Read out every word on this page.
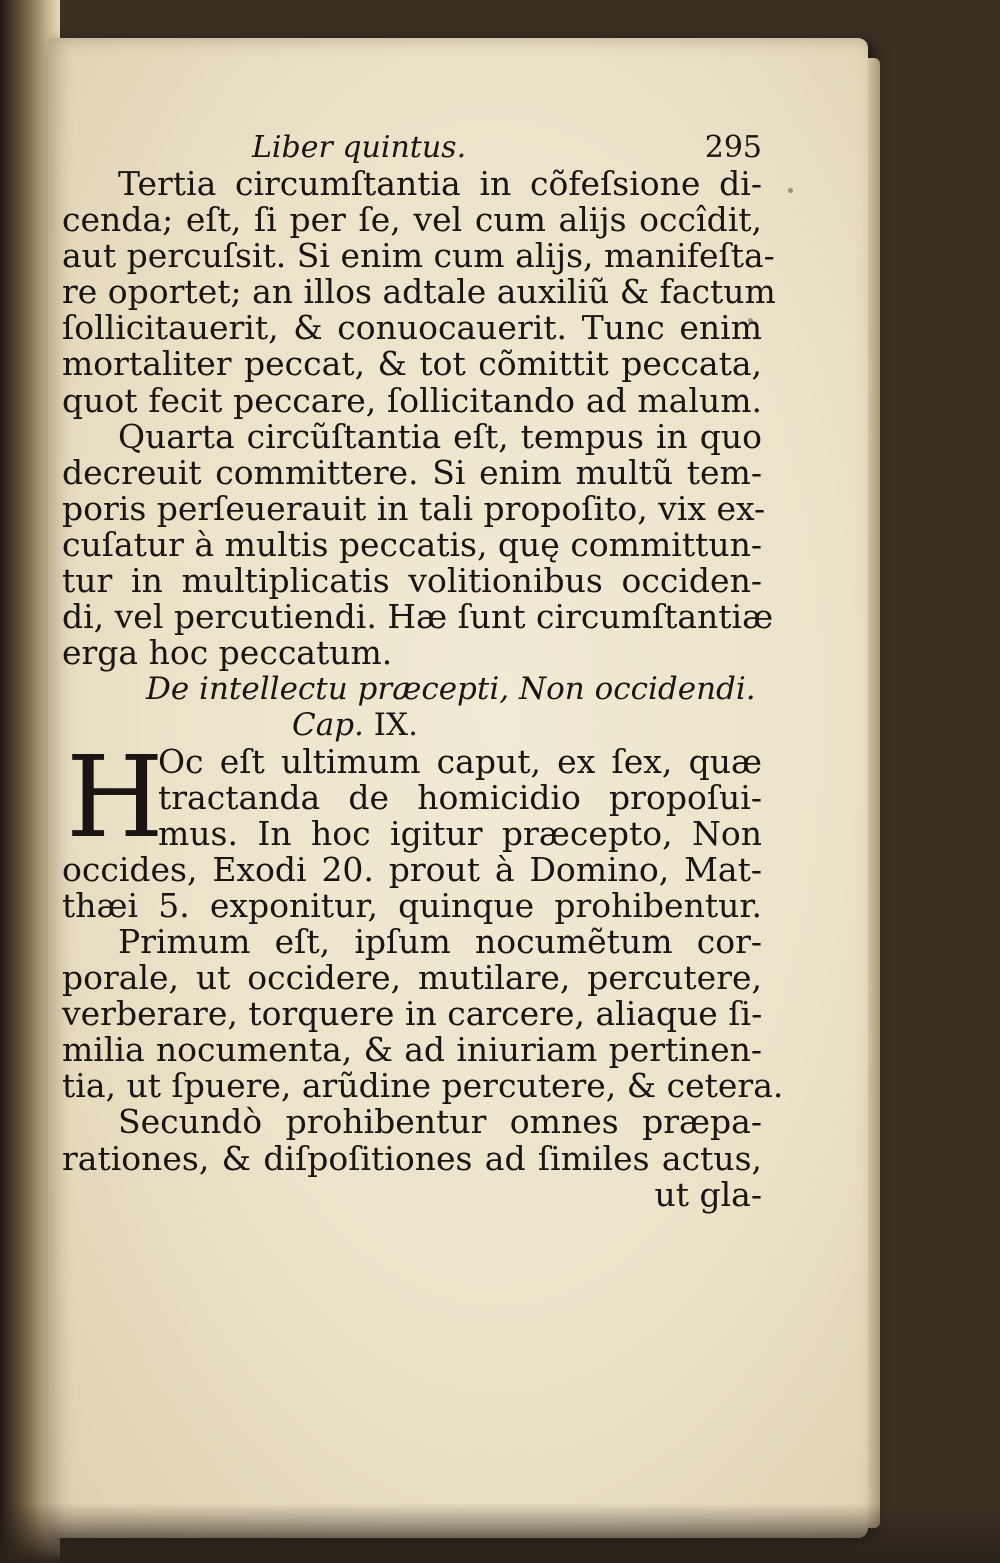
Liber quintus.	295
Tertia circumſtantia in cõfeſsione di-
cenda; eſt, ſi per ſe, vel cum alijs occîdit,
aut percuſsit. Si enim cum alijs, manifeſta-
re oportet; an illos adtale auxiliũ & factum
ſollicitauerit, & conuocauerit. Tunc enim
mortaliter peccat, & tot cõmittit peccata,
quot fecit peccare, ſollicitando ad malum.
Quarta circũſtantia eſt, tempus in quo
decreuit committere. Si enim multũ tem-
poris perſeuerauit in tali propoſito, vix ex-
cuſatur à multis peccatis, quę committun-
tur in multiplicatis volitionibus occiden-
di, vel percutiendi. Hæ ſunt circumſtantiæ
erga hoc peccatum.
De intellectu præcepti, Non occidendi.
Cap. IX.
H
Oc eſt ultimum caput, ex ſex, quæ
tractanda de homicidio propoſui-
mus. In hoc igitur præcepto, Non
occides, Exodi 20. prout à Domino, Mat-
thæi 5. exponitur, quinque prohibentur.
Primum eſt, ipſum nocumẽtum cor-
porale, ut occidere, mutilare, percutere,
verberare, torquere in carcere, aliaque ſi-
milia nocumenta, & ad iniuriam pertinen-
tia, ut ſpuere, arũdine percutere, & cetera.
Secundò prohibentur omnes præpa-
rationes, & diſpoſitiones ad ſimiles actus,
ut gla-
